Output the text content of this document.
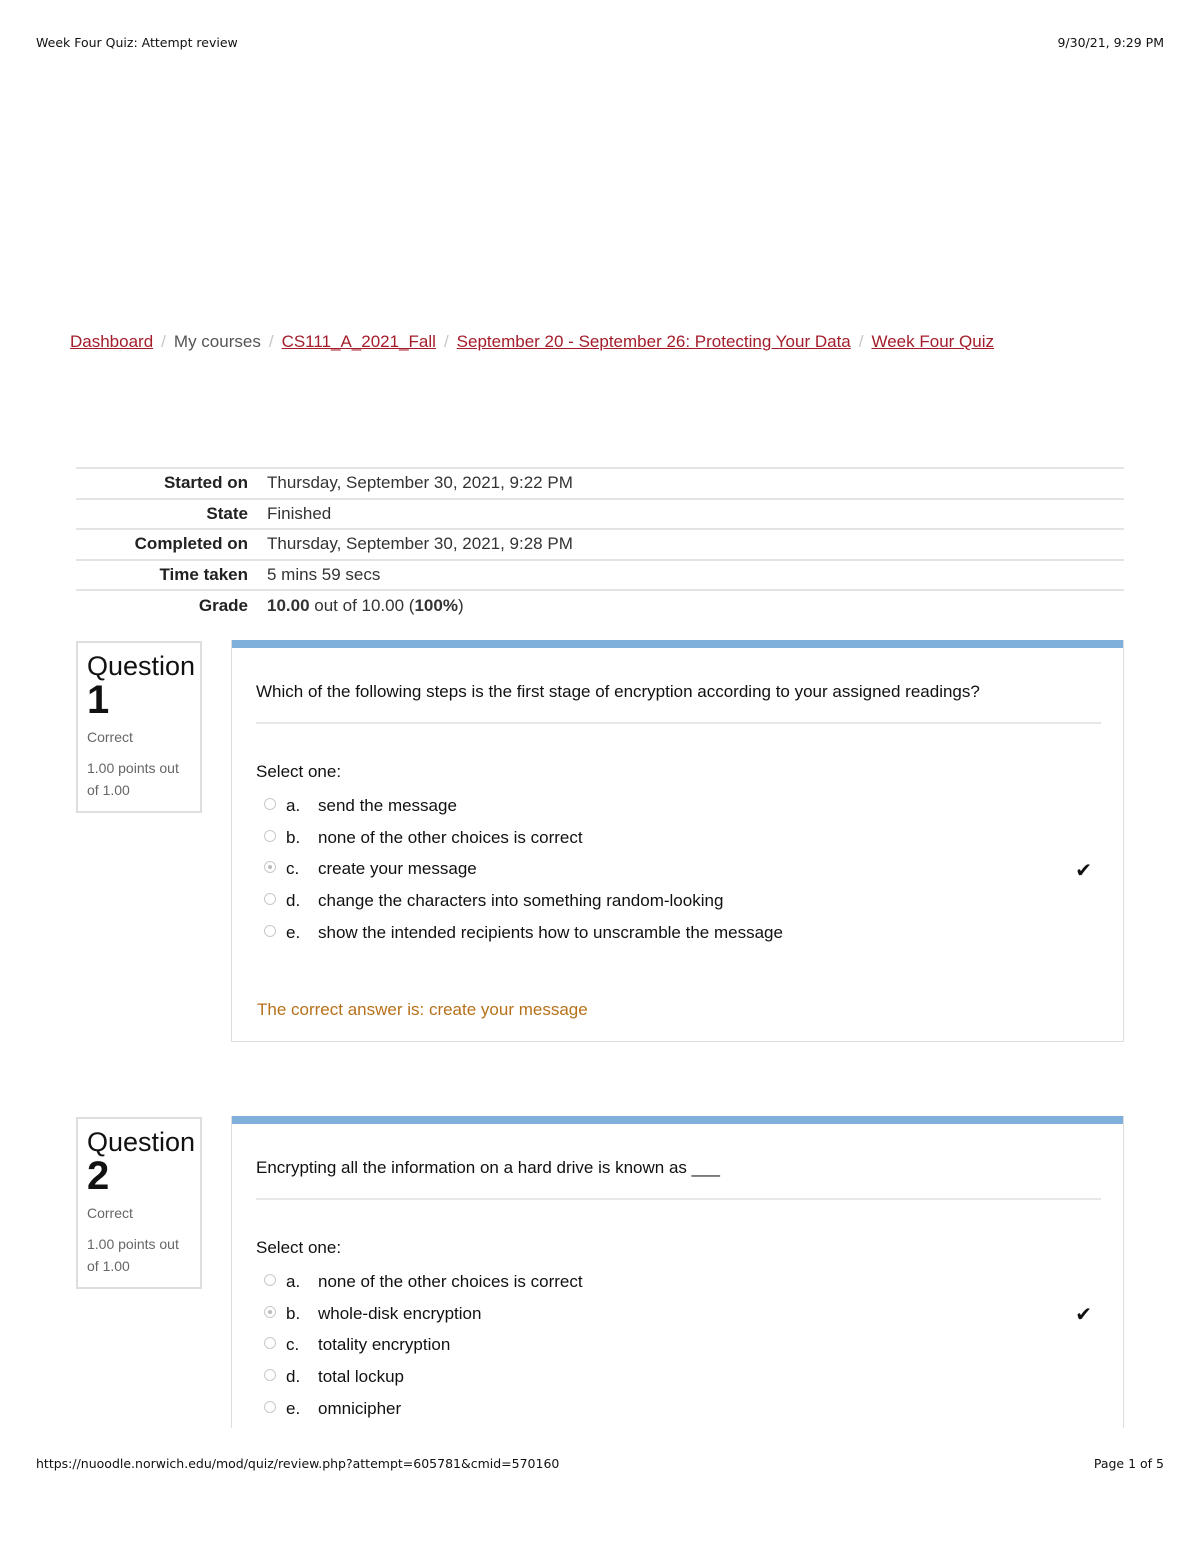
Week Four Quiz: Attempt review	9/30/21, 9:29 PM
Dashboard / My courses / CS111_A_2021_Fall / September 20 - September 26: Protecting Your Data / Week Four Quiz
Started on	Thursday, September 30, 2021, 9:22 PM
State	Finished
Completed on	Thursday, September 30, 2021, 9:28 PM
Time taken	5 mins 59 secs
Grade	10.00 out of 10.00 (100%)
Question
1
Correct
1.00 points out of 1.00
Which of the following steps is the first stage of encryption according to your assigned readings?
Select one:
a.	send the message
b.	none of the other choices is correct
c.	create your message	✔
d.	change the characters into something random-looking
e.	show the intended recipients how to unscramble the message
The correct answer is: create your message
Question
2
Correct
1.00 points out of 1.00
Encrypting all the information on a hard drive is known as ___
Select one:
a.	none of the other choices is correct
b.	whole-disk encryption	✔
c.	totality encryption
d.	total lockup
e.	omnicipher
https://nuoodle.norwich.edu/mod/quiz/review.php?attempt=605781&cmid=570160	Page 1 of 5
